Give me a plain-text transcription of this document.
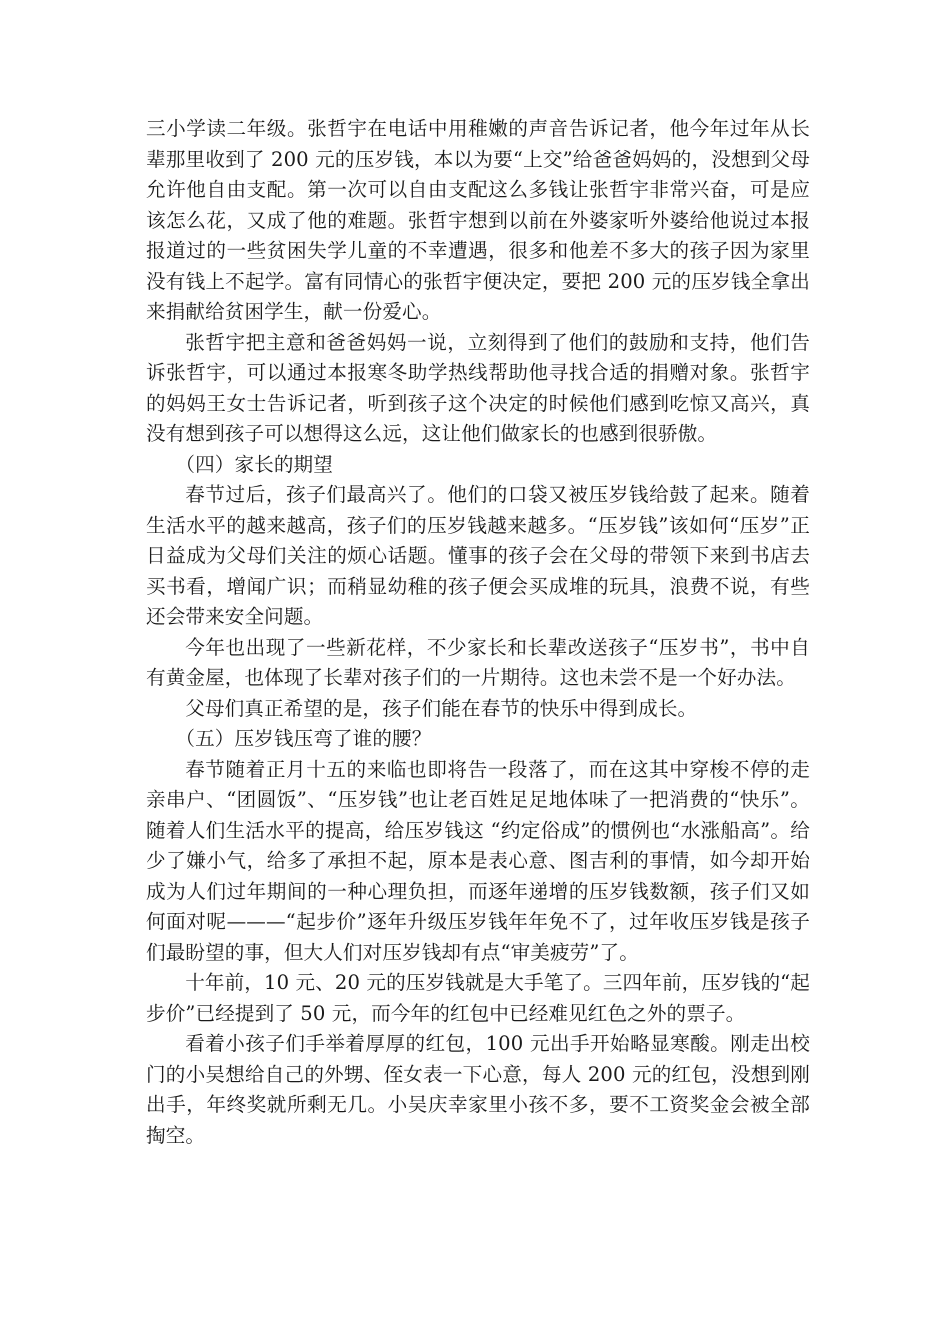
三小学读二年级。张哲宇在电话中用稚嫩的声音告诉记者，他今年过年从长辈那里收到了 200 元的压岁钱，本以为要“上交”给爸爸妈妈的，没想到父母允许他自由支配。第一次可以自由支配这么多钱让张哲宇非常兴奋，可是应该怎么花，又成了他的难题。张哲宇想到以前在外婆家听外婆给他说过本报报道过的一些贫困失学儿童的不幸遭遇，很多和他差不多大的孩子因为家里没有钱上不起学。富有同情心的张哲宇便决定，要把 200 元的压岁钱全拿出来捐献给贫困学生，献一份爱心。

张哲宇把主意和爸爸妈妈一说，立刻得到了他们的鼓励和支持，他们告诉张哲宇，可以通过本报寒冬助学热线帮助他寻找合适的捐赠对象。张哲宇的妈妈王女士告诉记者，听到孩子这个决定的时候他们感到吃惊又高兴，真没有想到孩子可以想得这么远，这让他们做家长的也感到很骄傲。

（四）家长的期望

春节过后，孩子们最高兴了。他们的口袋又被压岁钱给鼓了起来。随着生活水平的越来越高，孩子们的压岁钱越来越多。“压岁钱”该如何“压岁”正日益成为父母们关注的烦心话题。懂事的孩子会在父母的带领下来到书店去买书看，增闻广识；而稍显幼稚的孩子便会买成堆的玩具，浪费不说，有些还会带来安全问题。

今年也出现了一些新花样，不少家长和长辈改送孩子“压岁书”，书中自有黄金屋，也体现了长辈对孩子们的一片期待。这也未尝不是一个好办法。

父母们真正希望的是，孩子们能在春节的快乐中得到成长。

（五）压岁钱压弯了谁的腰？

春节随着正月十五的来临也即将告一段落了，而在这其中穿梭不停的走亲串户、“团圆饭”、“压岁钱”也让老百姓足足地体味了一把消费的“快乐”。随着人们生活水平的提高，给压岁钱这 “约定俗成”的惯例也“水涨船高”。给少了嫌小气，给多了承担不起，原本是表心意、图吉利的事情，如今却开始成为人们过年期间的一种心理负担，而逐年递增的压岁钱数额，孩子们又如何面对呢———“起步价”逐年升级压岁钱年年免不了，过年收压岁钱是孩子们最盼望的事，但大人们对压岁钱却有点“审美疲劳”了。

十年前，10 元、20 元的压岁钱就是大手笔了。三四年前，压岁钱的“起步价”已经提到了 50 元，而今年的红包中已经难见红色之外的票子。

看着小孩子们手举着厚厚的红包，100 元出手开始略显寒酸。刚走出校门的小吴想给自己的外甥、侄女表一下心意，每人 200 元的红包，没想到刚出手，年终奖就所剩无几。小吴庆幸家里小孩不多，要不工资奖金会被全部掏空。
